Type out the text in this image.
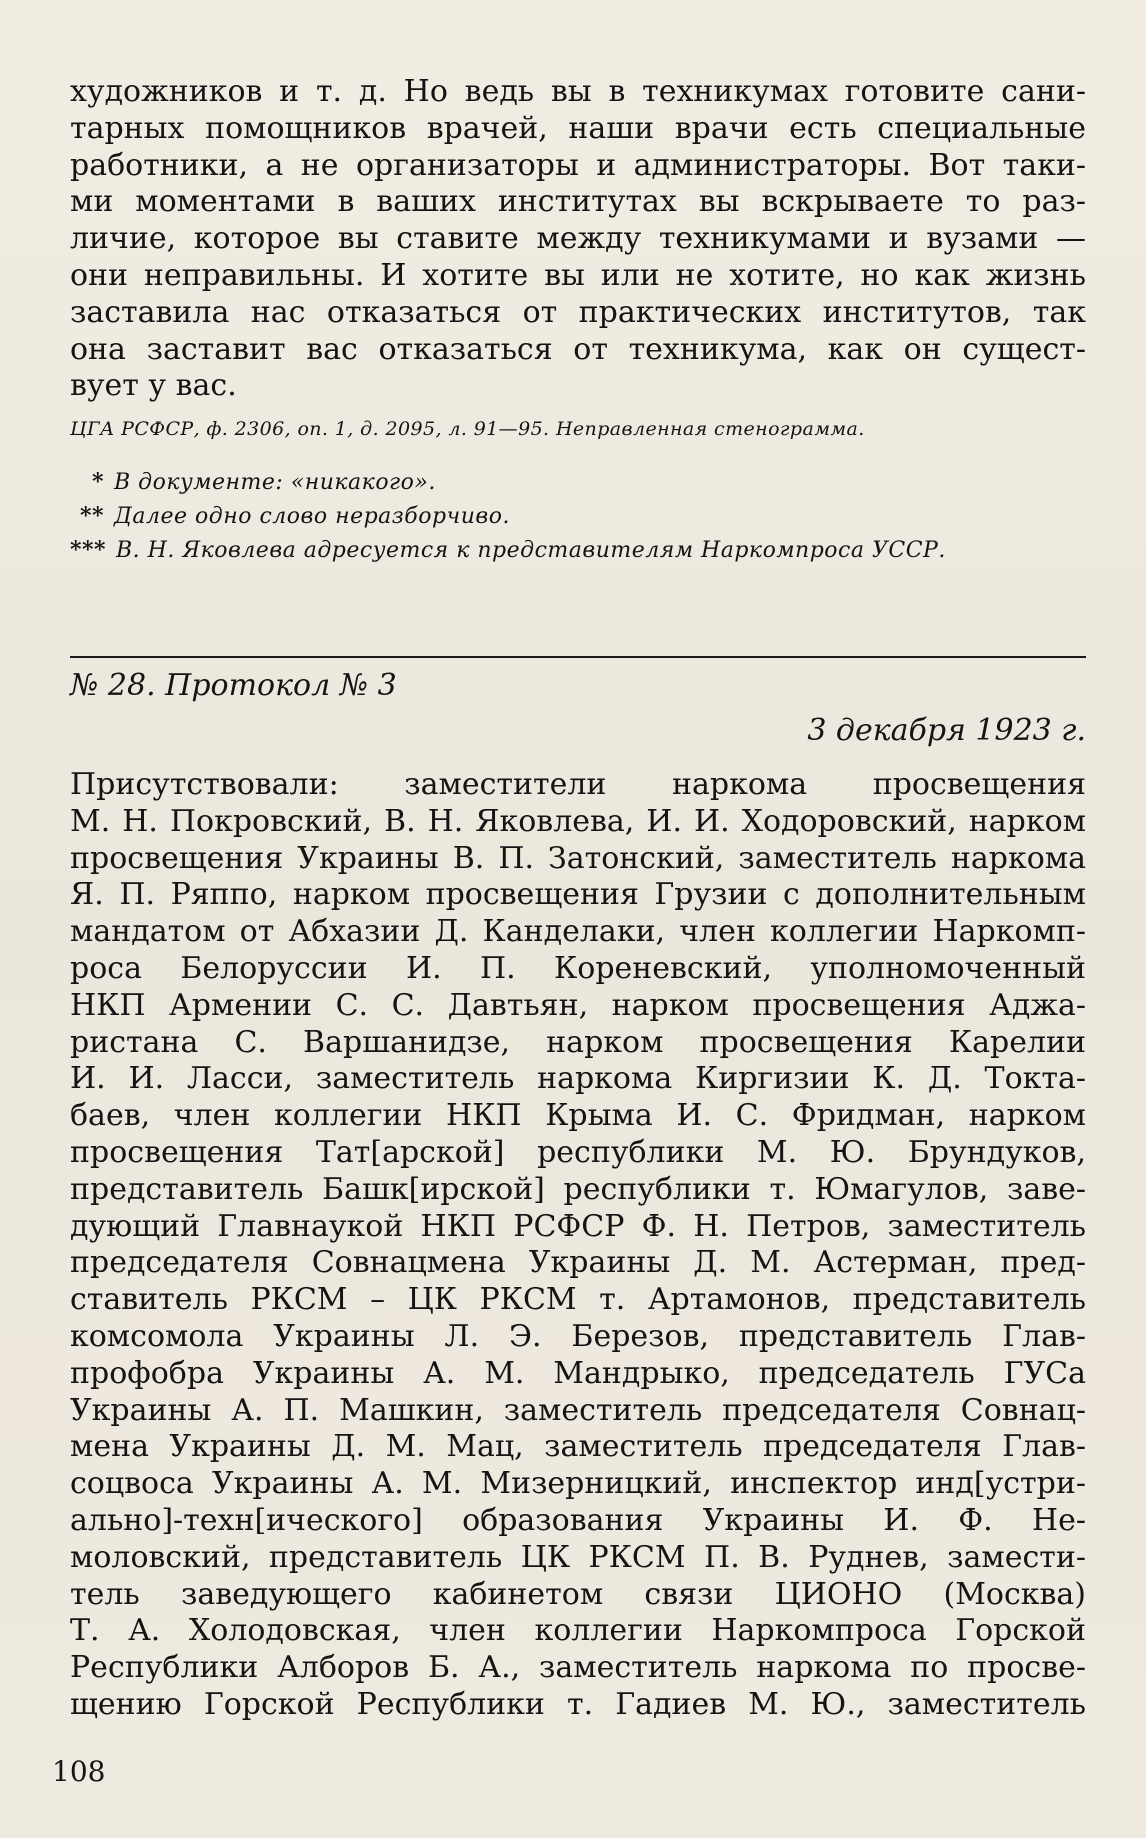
художников и т. д. Но ведь вы в техникумах готовите сани-
тарных помощников врачей, наши врачи есть специальные
работники, а не организаторы и администраторы. Вот таки-
ми моментами в ваших институтах вы вскрываете то раз-
личие, которое вы ставите между техникумами и вузами —
они неправильны. И хотите вы или не хотите, но как жизнь
заставила нас отказаться от практических институтов, так
она заставит вас отказаться от техникума, как он сущест-
вует у вас.
ЦГА РСФСР, ф. 2306, оп. 1, д. 2095, л. 91—95. Неправленная стенограмма.
* В документе: «никакого».
** Далее одно слово неразборчиво.
*** В. Н. Яковлева адресуется к представителям Наркомпроса УССР.
№ 28. Протокол № 3
3 декабря 1923 г.
Присутствовали: заместители наркома просвещения
М. Н. Покровский, В. Н. Яковлева, И. И. Ходоровский, нарком
просвещения Украины В. П. Затонский, заместитель наркома
Я. П. Ряппо, нарком просвещения Грузии с дополнительным
мандатом от Абхазии Д. Канделаки, член коллегии Наркомп-
роса Белоруссии И. П. Кореневский, уполномоченный
НКП Армении С. С. Давтьян, нарком просвещения Аджа-
ристана С. Варшанидзе, нарком просвещения Карелии
И. И. Ласси, заместитель наркома Киргизии К. Д. Токта-
баев, член коллегии НКП Крыма И. С. Фридман, нарком
просвещения Тат[арской] республики М. Ю. Брундуков,
представитель Башк[ирской] республики т. Юмагулов, заве-
дующий Главнаукой НКП РСФСР Ф. Н. Петров, заместитель
председателя Совнацмена Украины Д. М. Астерман, пред-
ставитель РКСМ – ЦК РКСМ т. Артамонов, представитель
комсомола Украины Л. Э. Березов, представитель Глав-
профобра Украины А. М. Мандрыко, председатель ГУСа
Украины А. П. Машкин, заместитель председателя Совнац-
мена Украины Д. М. Мац, заместитель председателя Глав-
соцвоса Украины А. М. Мизерницкий, инспектор инд[устри-
ально]-техн[ического] образования Украины И. Ф. Не-
моловский, представитель ЦК РКСМ П. В. Руднев, замести-
тель заведующего кабинетом связи ЦИОНО (Москва)
Т. А. Холодовская, член коллегии Наркомпроса Горской
Республики Алборов Б. А., заместитель наркома по просве-
щению Горской Республики т. Гадиев М. Ю., заместитель
108
